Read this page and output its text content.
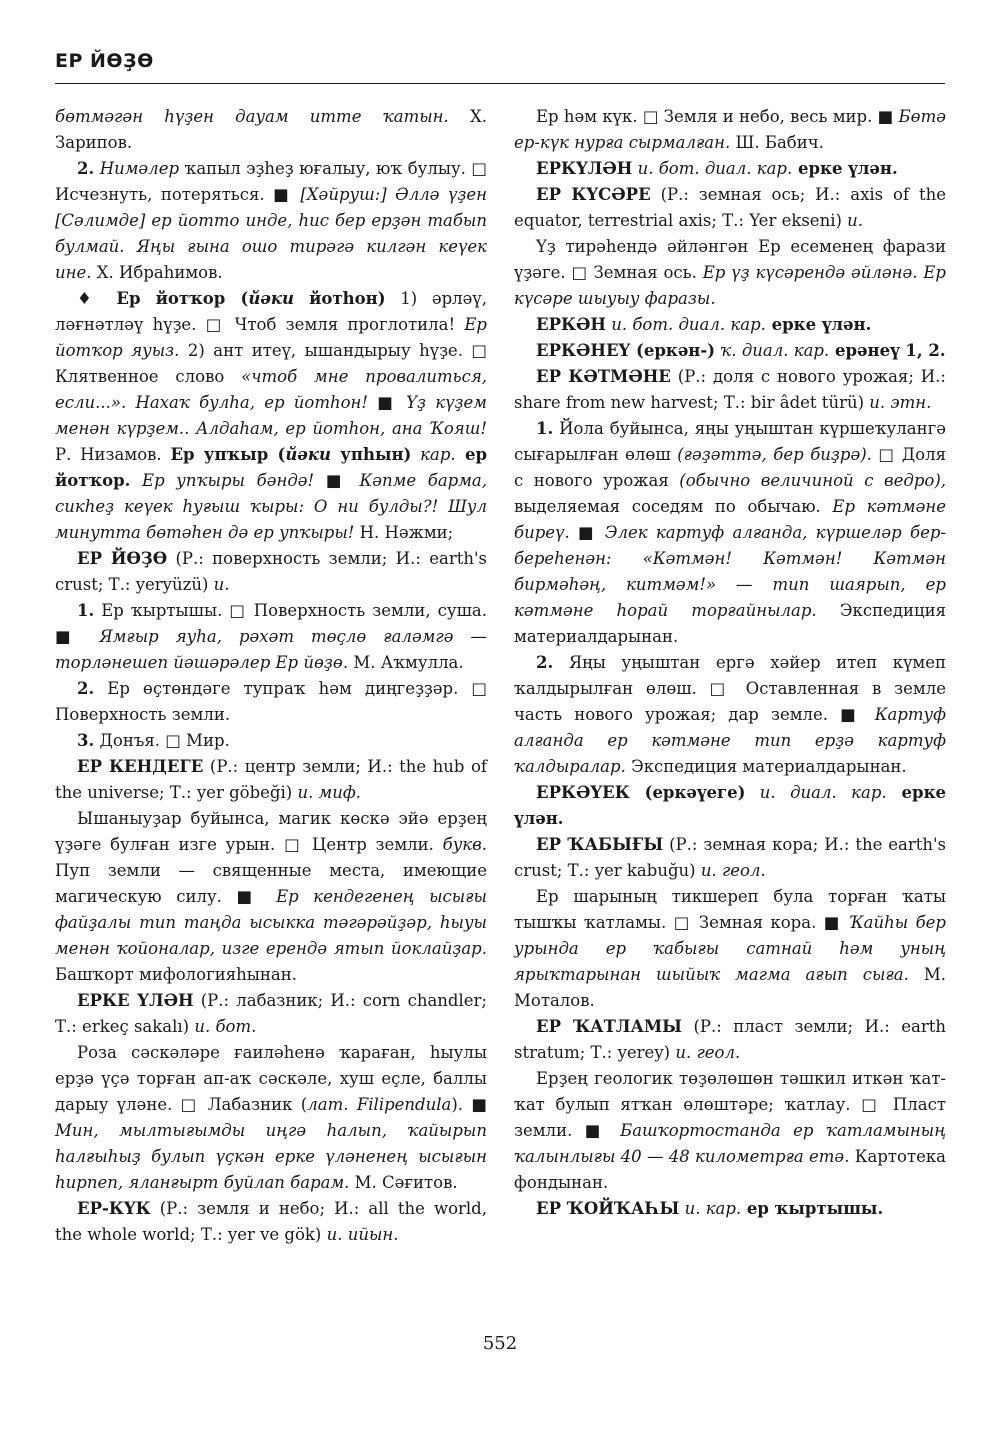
ЕР ЙӨҘӨ

бөтмәгән һүҙен дауам итте ҡатын. Х. Зарипов.

2. Нимәлер ҡапыл эҙһеҙ юғалыу, юҡ булыу. □ Исчезнуть, потеряться. ■ [Хәйруш:] Әллә үҙен [Сәлимде] ер йотто инде, һис бер ерҙән табып булмай. Яңы ғына ошо тирәгә килгән кеүек ине. Х. Ибраһимов.

♦ Ер йотҡор (йәки йотһон) 1) әрләү, ләғнәтләү һүҙе. □ Чтоб земля проглотила! Ер йотҡор яуыз. 2) ант итеү, ышандырыу һүҙе. □ Клятвенное слово «чтоб мне провалиться, если...». Нахаҡ булһа, ер йотһон! ■ Үҙ күҙем менән күрҙем.. Алдаһам, ер йотһон, ана Ҡояш! Р. Низамов. Ер упҡыр (йәки упһын) кар. ер йотҡор. Ер упҡыры бәндә! ■ Кәпме барма, сикһеҙ кеүек һуғыш ҡыры: О ни булды?! Шул минутта бөтәһен дә ер упҡыры! Н. Нәжми;

ЕР ЙӨҘӨ (Р.: поверхность земли; И.: earth's crust; Т.: yeryüzü) и.

1. Ер ҡыртышы. □ Поверхность земли, суша. ■ Ямғыр яуһа, рәхәт төҫлө ғаләмгә — торләнешеп йәшәрәлер Ер йөҙө. М. Аҡмулла.

2. Ер өҫтөндәге тупраҡ һәм диңгеҙҙәр. □ Поверхность земли.

3. Донъя. □ Мир.

ЕР КЕНДЕГЕ (Р.: центр земли; И.: the hub of the universe; Т.: yer göbeği) и. миф.

Ышаныуҙар буйынса, магик көскә эйә ерҙең үҙәге булған изге урын. □ Центр земли. букв. Пуп земли — священные места, имеющие магическую силу. ■ Ер кендегенең ысығы файҙалы тип таңда ысыкка тәгәрәйҙәр, һыуы менән ҡойоналар, изге ерендә ятып йоклайҙар. Башҡорт мифологияһынан.

ЕРКЕ ҮЛӘН (Р.: лабазник; И.: corn chandler; Т.: erkeç sakalı) и. бот.

Роза сәскәләре ғаиләһенә ҡараған, һыулы ерҙә үҫә торған ап-аҡ сәскәле, хуш еҫле, баллы дарыу үләне. □ Лабазник (лат. Filipendula). ■ Мин, мылтығымды иңгә һалып, ҡайырып һалғыһыҙ булып үҫкән ерке үләненең ысығын һирпеп, яланғырт буйлап барам. М. Сәғитов.

ЕР-КҮК (Р.: земля и небо; И.: all the world, the whole world; Т.: yer ve gök) и. ийын.

Ер һәм күк. □ Земля и небо, весь мир. ■ Бөтә ер-күк нурға сырмалған. Ш. Бабич.

ЕРКҮЛӘН и. бот. диал. кар. ерке үлән.

ЕР КҮСӘРЕ (Р.: земная ось; И.: axis of the equator, terrestrial axis; Т.: Yer ekseni) и.

Үҙ тирәһендә әйләнгән Ер есеменең фарази үҙәге. □ Земная ось. Ер үҙ күсәрендә әйләнә. Ер күсәре шыуыу фаразы.

ЕРКӘН и. бот. диал. кар. ерке үлән.

ЕРКӘНЕҮ (еркән-) ҡ. диал. кар. ерәнеү 1, 2.

ЕР КӘТМӘНЕ (Р.: доля с нового урожая; И.: share from new harvest; Т.: bir âdet türü) и. этн.

1. Йола буйынса, яңы уңыштан күршеҡулангә сығарылған өлөш (ғәҙәттә, бер биҙрә). □ Доля с нового урожая (обычно величиной с ведро), выделяемая соседям по обычаю. Ер кәтмәне биреү. ■ Элек картуф алғанда, күршеләр бер-береһенән: «Кәтмән! Кәтмән! Кәтмән бирмәһәң, китмәм!» — тип шаярып, ер кәтмәне һорай торғайнылар. Экспедиция материалдарынан.

2. Яңы уңыштан ергә хәйер итеп күмеп ҡалдырылған өлөш. □ Оставленная в земле часть нового урожая; дар земле. ■ Картуф алғанда ер кәтмәне тип ерҙә картуф ҡалдыралар. Экспедиция материалдарынан.

ЕРКӘҮЕК (еркәүеге) и. диал. кар. ерке үлән.

ЕР ҠАБЫҒЫ (Р.: земная кора; И.: the earth's crust; Т.: yer kabuğu) и. геол.

Ер шарының тикшереп була торған ҡаты тышҡы ҡатламы. □ Земная кора. ■ Ҡайһы бер урында ер ҡабығы сатнай һәм уның ярыҡтарынан шыйыҡ магма ағып сыға. М. Моталов.

ЕР ҠАТЛАМЫ (Р.: пласт земли; И.: earth stratum; Т.: yerey) и. геол.

Ерҙең геологик төҙөлөшөн тәшкил иткән ҡат-ҡат булып ятҡан өлөштәре; ҡатлау. □ Пласт земли. ■ Башҡортостанда ер ҡатламының ҡалынлығы 40 — 48 километрға етә. Картотека фондынан.

ЕР ҠОЙҠАҺЫ и. кар. ер ҡыртышы.

552
